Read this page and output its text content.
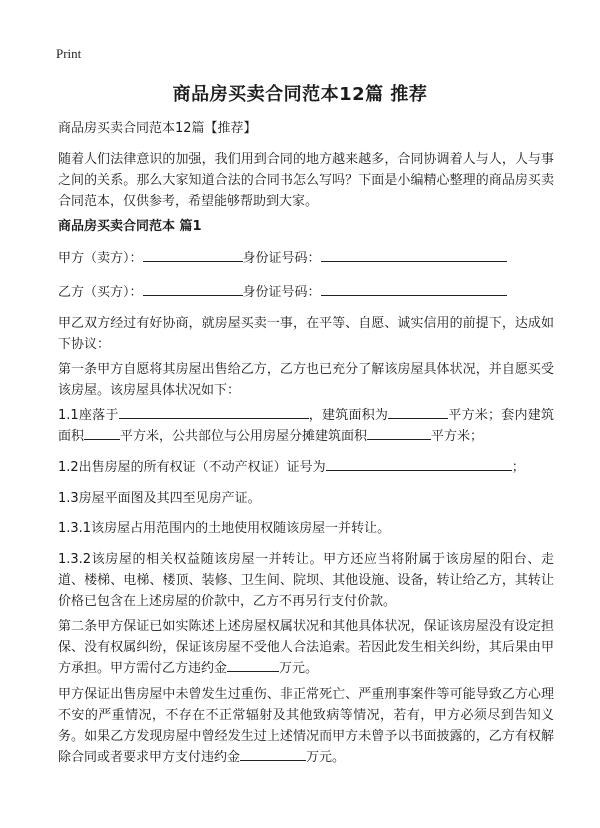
Print
商品房买卖合同范本12篇 推荐
商品房买卖合同范本12篇【推荐】
随着人们法律意识的加强，我们用到合同的地方越来越多，合同协调着人与人，人与事之间的关系。那么大家知道合法的合同书怎么写吗？下面是小编精心整理的商品房买卖合同范本，仅供参考，希望能够帮助到大家。
商品房买卖合同范本 篇1
甲方（卖方）：	身份证号码：
乙方（买方）：	身份证号码：
甲乙双方经过有好协商，就房屋买卖一事，在平等、自愿、诚实信用的前提下，达成如下协议：
第一条甲方自愿将其房屋出售给乙方，乙方也已充分了解该房屋具体状况，并自愿买受该房屋。该房屋具体状况如下：
1.1座落于	，建筑面积为	平方米；套内建筑面积	平方米，公共部位与公用房屋分摊建筑面积	平方米；
1.2出售房屋的所有权证（不动产权证）证号为	；
1.3房屋平面图及其四至见房产证。
1.3.1该房屋占用范围内的土地使用权随该房屋一并转让。
1.3.2该房屋的相关权益随该房屋一并转让。甲方还应当将附属于该房屋的阳台、走道、楼梯、电梯、楼顶、装修、卫生间、院坝、其他设施、设备，转让给乙方，其转让价格已包含在上述房屋的价款中，乙方不再另行支付价款。
第二条甲方保证已如实陈述上述房屋权属状况和其他具体状况，保证该房屋没有设定担保、没有权属纠纷，保证该房屋不受他人合法追索。若因此发生相关纠纷，其后果由甲方承担。甲方需付乙方违约金	万元。
甲方保证出售房屋中未曾发生过重伤、非正常死亡、严重刑事案件等可能导致乙方心理不安的严重情况，不存在不正常辐射及其他致病等情况，若有，甲方必须尽到告知义务。如果乙方发现房屋中曾经发生过上述情况而甲方未曾予以书面披露的，乙方有权解除合同或者要求甲方支付违约金	万元。
